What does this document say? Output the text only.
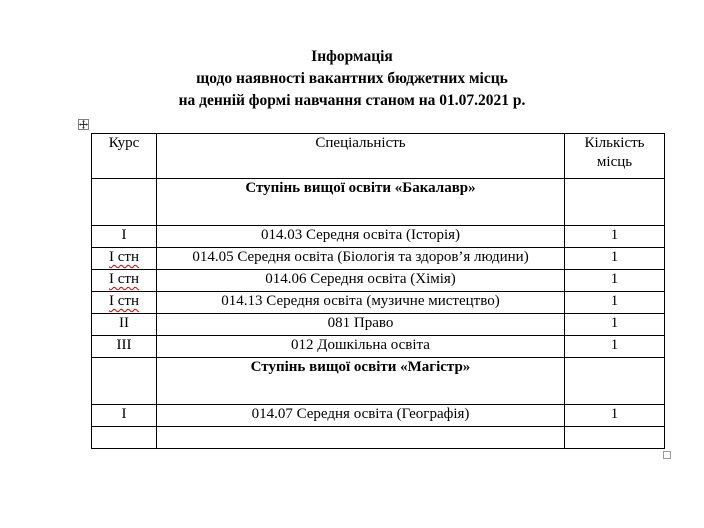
Інформація
щодо наявності вакантних бюджетних місць
на денній формі навчання станом на 01.07.2021 р.
Курс	Спеціальність	Кількість
місць

	Ступінь вищої освіти «Бакалавр»	
I	014.03 Середня освіта (Історія)	1
I стн	014.05 Середня освіта (Біологія та здоров’я людини)	1
I стн	014.06 Середня освіта (Хімія)	1
I стн	014.13 Середня освіта (музичне мистецтво)	1
II	081 Право	1
III	012 Дошкільна освіта	1
	Ступінь вищої освіти «Магістр»	
I	014.07 Середня освіта (Географія)	1
